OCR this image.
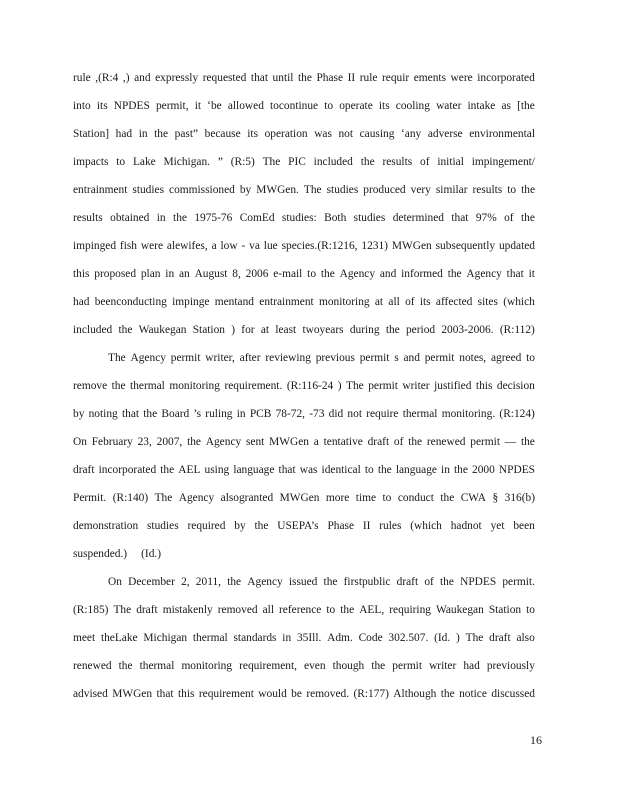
rule ,(R:4 ,) and expressly requested that until the Phase II rule requir ements were incorporated
into its NPDES permit, it ‘be allowed tocontinue to operate its cooling water intake as [the
Station] had in the past” because its operation was not causing ‘any adverse environmental
impacts to Lake Michigan. ” (R:5) The PIC included the results of initial impingement/
entrainment studies commissioned by MWGen. The studies produced very similar results to the
results obtained in the 1975-76 ComEd studies: Both studies determined that 97% of the
impinged fish were alewifes, a low - va lue species.(R:1216, 1231) MWGen subsequently updated
this proposed plan in an August 8, 2006 e-mail to the Agency and informed the Agency that it
had beenconducting impinge mentand entrainment monitoring at all of its affected sites (which
included the Waukegan Station ) for at least twoyears during the period 2003-2006. (R:112)
The Agency permit writer, after reviewing previous permit s and permit notes, agreed to
remove the thermal monitoring requirement. (R:116-24 ) The permit writer justified this decision
by noting that the Board ’s ruling in PCB 78-72, -73 did not require thermal monitoring. (R:124)
On February 23, 2007, the Agency sent MWGen a tentative draft of the renewed permit — the
draft incorporated the AEL using language that was identical to the language in the 2000 NPDES
Permit. (R:140) The Agency alsogranted MWGen more time to conduct the CWA § 316(b)
demonstration studies required by the USEPA’s Phase II rules (which hadnot yet been
suspended.) (Id.)
On December 2, 2011, the Agency issued the firstpublic draft of the NPDES permit.
(R:185) The draft mistakenly removed all reference to the AEL, requiring Waukegan Station to
meet theLake Michigan thermal standards in 35Ill. Adm. Code 302.507. (Id. ) The draft also
renewed the thermal monitoring requirement, even though the permit writer had previously
advised MWGen that this requirement would be removed. (R:177) Although the notice discussed
16
